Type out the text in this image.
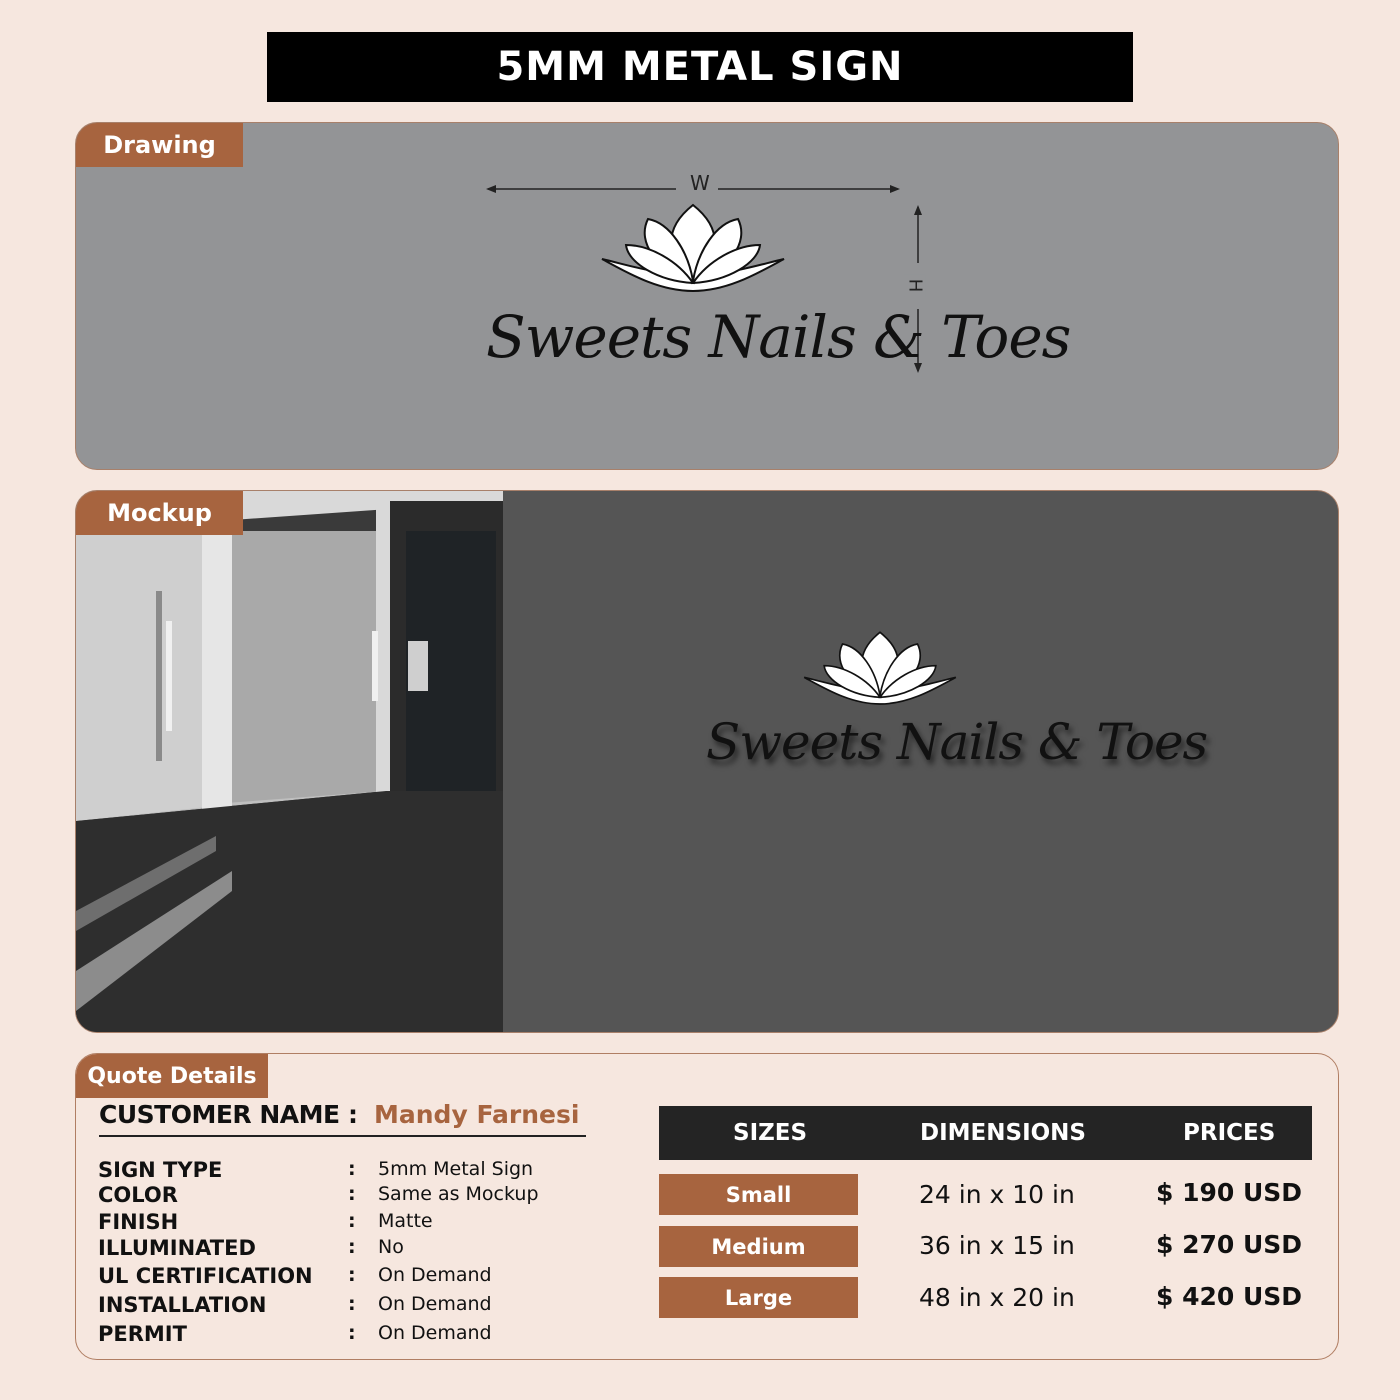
5MM METAL SIGN
Drawing
Sweets Nails & Toes
W
H
Mockup
Sweets Nails & Toes
Quote Details
CUSTOMER NAME : Mandy Farnesi
SIGN TYPE	: 5mm Metal Sign
COLOR	: Same as Mockup
FINISH	: Matte
ILLUMINATED	: No
UL CERTIFICATION : On Demand
INSTALLATION	: On Demand
PERMIT	: On Demand
SIZES	DIMENSIONS	PRICES
Small	24 in x 10 in	$ 190 USD
Medium	36 in x 15 in	$ 270 USD
Large	48 in x 20 in	$ 420 USD
